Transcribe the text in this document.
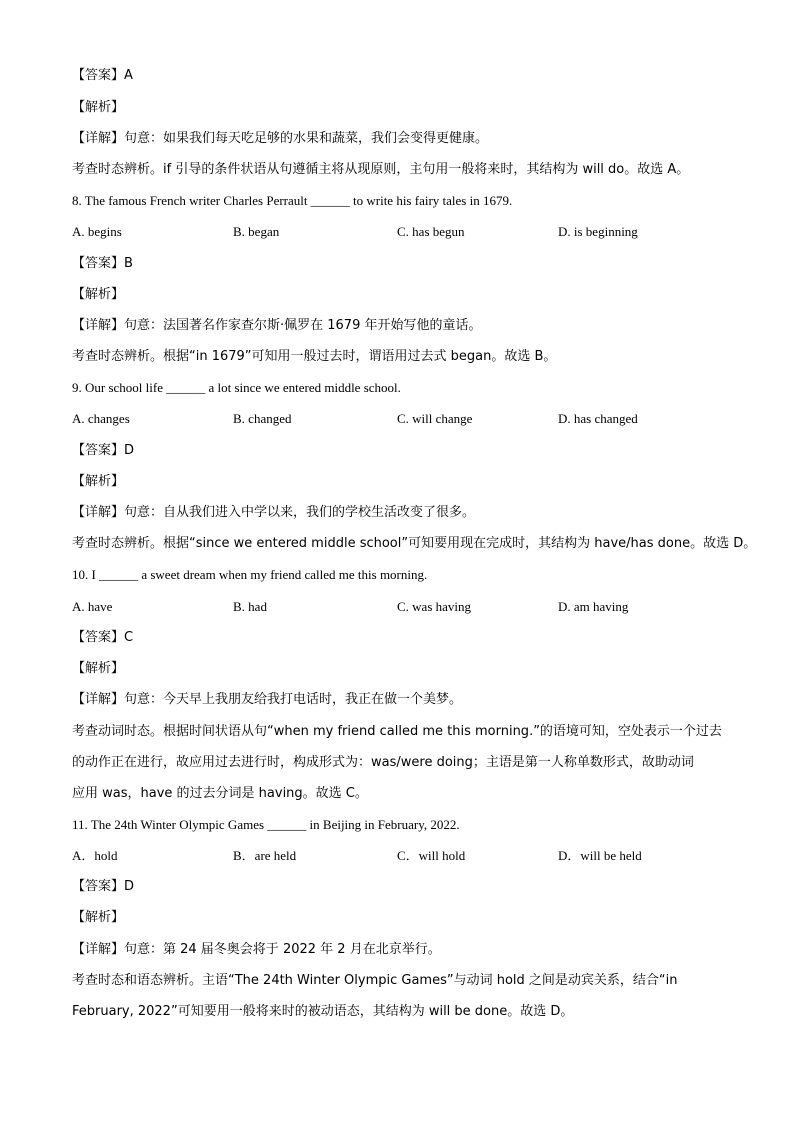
【答案】A
【解析】
【详解】句意：如果我们每天吃足够的水果和蔬菜，我们会变得更健康。
考查时态辨析。if 引导的条件状语从句遵循主将从现原则，主句用一般将来时，其结构为 will do。故选 A。
8. The famous French writer Charles Perrault ______ to write his fairy tales in 1679.
A. begins	B. began	C. has begun	D. is beginning
【答案】B
【解析】
【详解】句意：法国著名作家查尔斯·佩罗在 1679 年开始写他的童话。
考查时态辨析。根据“in 1679”可知用一般过去时，谓语用过去式 began。故选 B。
9. Our school life ______ a lot since we entered middle school.
A. changes	B. changed	C. will change	D. has changed
【答案】D
【解析】
【详解】句意：自从我们进入中学以来，我们的学校生活改变了很多。
考查时态辨析。根据“since we entered middle school”可知要用现在完成时，其结构为 have/has done。故选 D。
10. I ______ a sweet dream when my friend called me this morning.
A. have	B. had	C. was having	D. am having
【答案】C
【解析】
【详解】句意：今天早上我朋友给我打电话时，我正在做一个美梦。
考查动词时态。根据时间状语从句“when my friend called me this morning.”的语境可知，空处表示一个过去
的动作正在进行，故应用过去进行时，构成形式为：was/were doing；主语是第一人称单数形式，故助动词
应用 was，have 的过去分词是 having。故选 C。
11. The 24th Winter Olympic Games ______ in Beijing in February, 2022.
A．hold	B．are held	C．will hold	D．will be held
【答案】D
【解析】
【详解】句意：第 24 届冬奥会将于 2022 年 2 月在北京举行。
考查时态和语态辨析。主语“The 24th Winter Olympic Games”与动词 hold 之间是动宾关系，结合“in
February, 2022”可知要用一般将来时的被动语态，其结构为 will be done。故选 D。
